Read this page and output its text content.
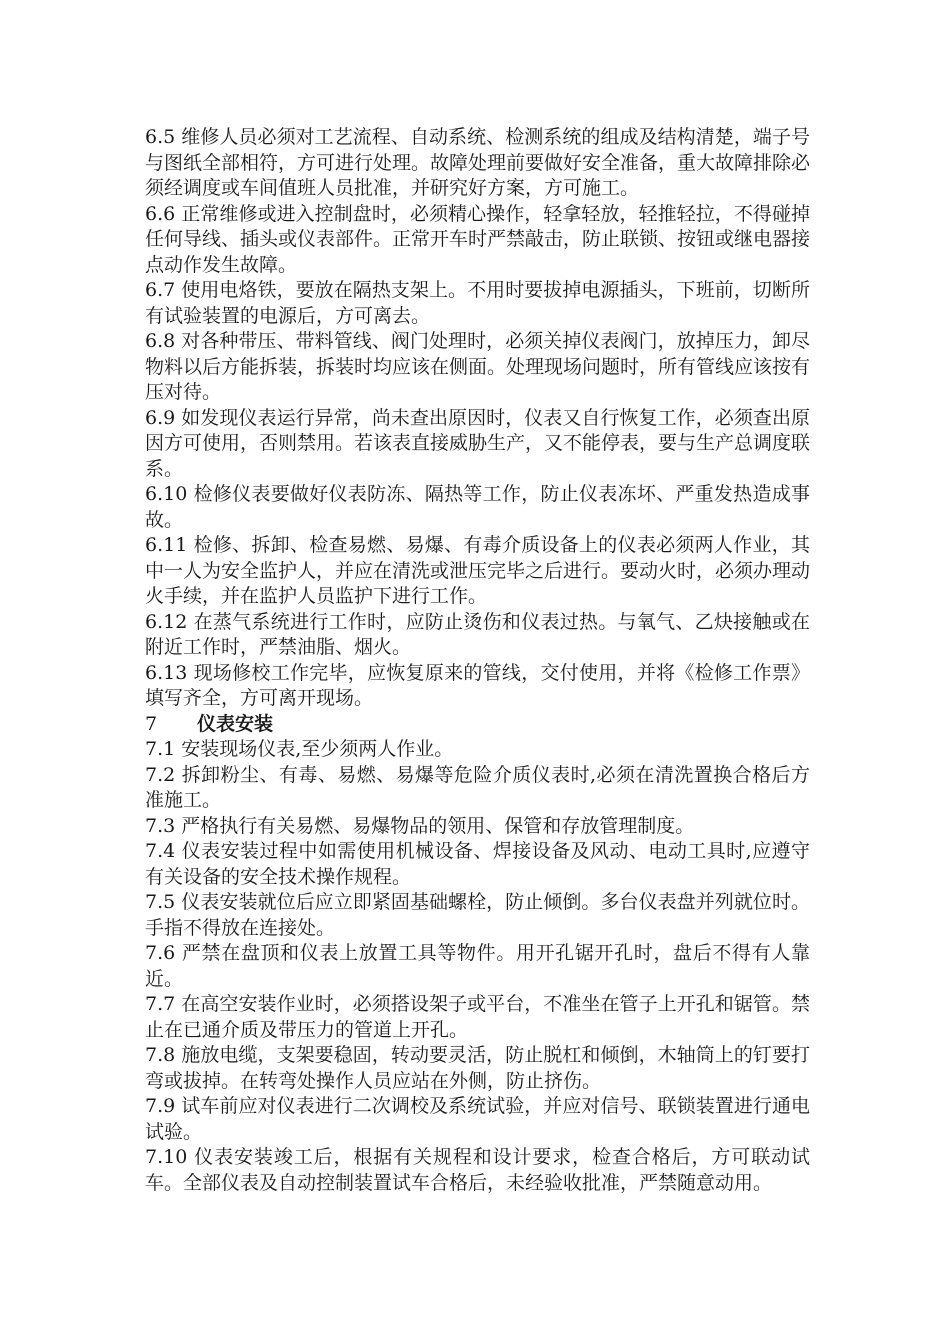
6.5 维修人员必须对工艺流程、自动系统、检测系统的组成及结构清楚，端子号与图纸全部相符，方可进行处理。故障处理前要做好安全准备，重大故障排除必须经调度或车间值班人员批准，并研究好方案，方可施工。

6.6 正常维修或进入控制盘时，必须精心操作，轻拿轻放，轻推轻拉，不得碰掉任何导线、插头或仪表部件。正常开车时严禁敲击，防止联锁、按钮或继电器接点动作发生故障。

6.7 使用电烙铁，要放在隔热支架上。不用时要拔掉电源插头，下班前，切断所有试验装置的电源后，方可离去。

6.8 对各种带压、带料管线、阀门处理时，必须关掉仪表阀门，放掉压力，卸尽物料以后方能拆装，拆装时均应该在侧面。处理现场问题时，所有管线应该按有压对待。

6.9 如发现仪表运行异常，尚未查出原因时，仪表又自行恢复工作，必须查出原因方可使用，否则禁用。若该表直接威胁生产，又不能停表，要与生产总调度联系。

6.10 检修仪表要做好仪表防冻、隔热等工作，防止仪表冻坏、严重发热造成事故。

6.11 检修、拆卸、检查易燃、易爆、有毒介质设备上的仪表必须两人作业，其中一人为安全监护人，并应在清洗或泄压完毕之后进行。要动火时，必须办理动火手续，并在监护人员监护下进行工作。

6.12 在蒸气系统进行工作时，应防止烫伤和仪表过热。与氧气、乙炔接触或在附近工作时，严禁油脂、烟火。

6.13 现场修校工作完毕，应恢复原来的管线，交付使用，并将《检修工作票》填写齐全，方可离开现场。

7 仪表安装

7.1 安装现场仪表,至少须两人作业。

7.2 拆卸粉尘、有毒、易燃、易爆等危险介质仪表时,必须在清洗置换合格后方准施工。

7.3 严格执行有关易燃、易爆物品的领用、保管和存放管理制度。

7.4 仪表安装过程中如需使用机械设备、焊接设备及风动、电动工具时,应遵守有关设备的安全技术操作规程。

7.5 仪表安装就位后应立即紧固基础螺栓，防止倾倒。多台仪表盘并列就位时。手指不得放在连接处。

7.6 严禁在盘顶和仪表上放置工具等物件。用开孔锯开孔时，盘后不得有人靠近。

7.7 在高空安装作业时，必须搭设架子或平台，不准坐在管子上开孔和锯管。禁止在已通介质及带压力的管道上开孔。

7.8 施放电缆，支架要稳固，转动要灵活，防止脱杠和倾倒，木轴筒上的钉要打弯或拔掉。在转弯处操作人员应站在外侧，防止挤伤。

7.9 试车前应对仪表进行二次调校及系统试验，并应对信号、联锁装置进行通电试验。

7.10 仪表安装竣工后，根据有关规程和设计要求，检查合格后，方可联动试车。全部仪表及自动控制装置试车合格后，未经验收批准，严禁随意动用。
